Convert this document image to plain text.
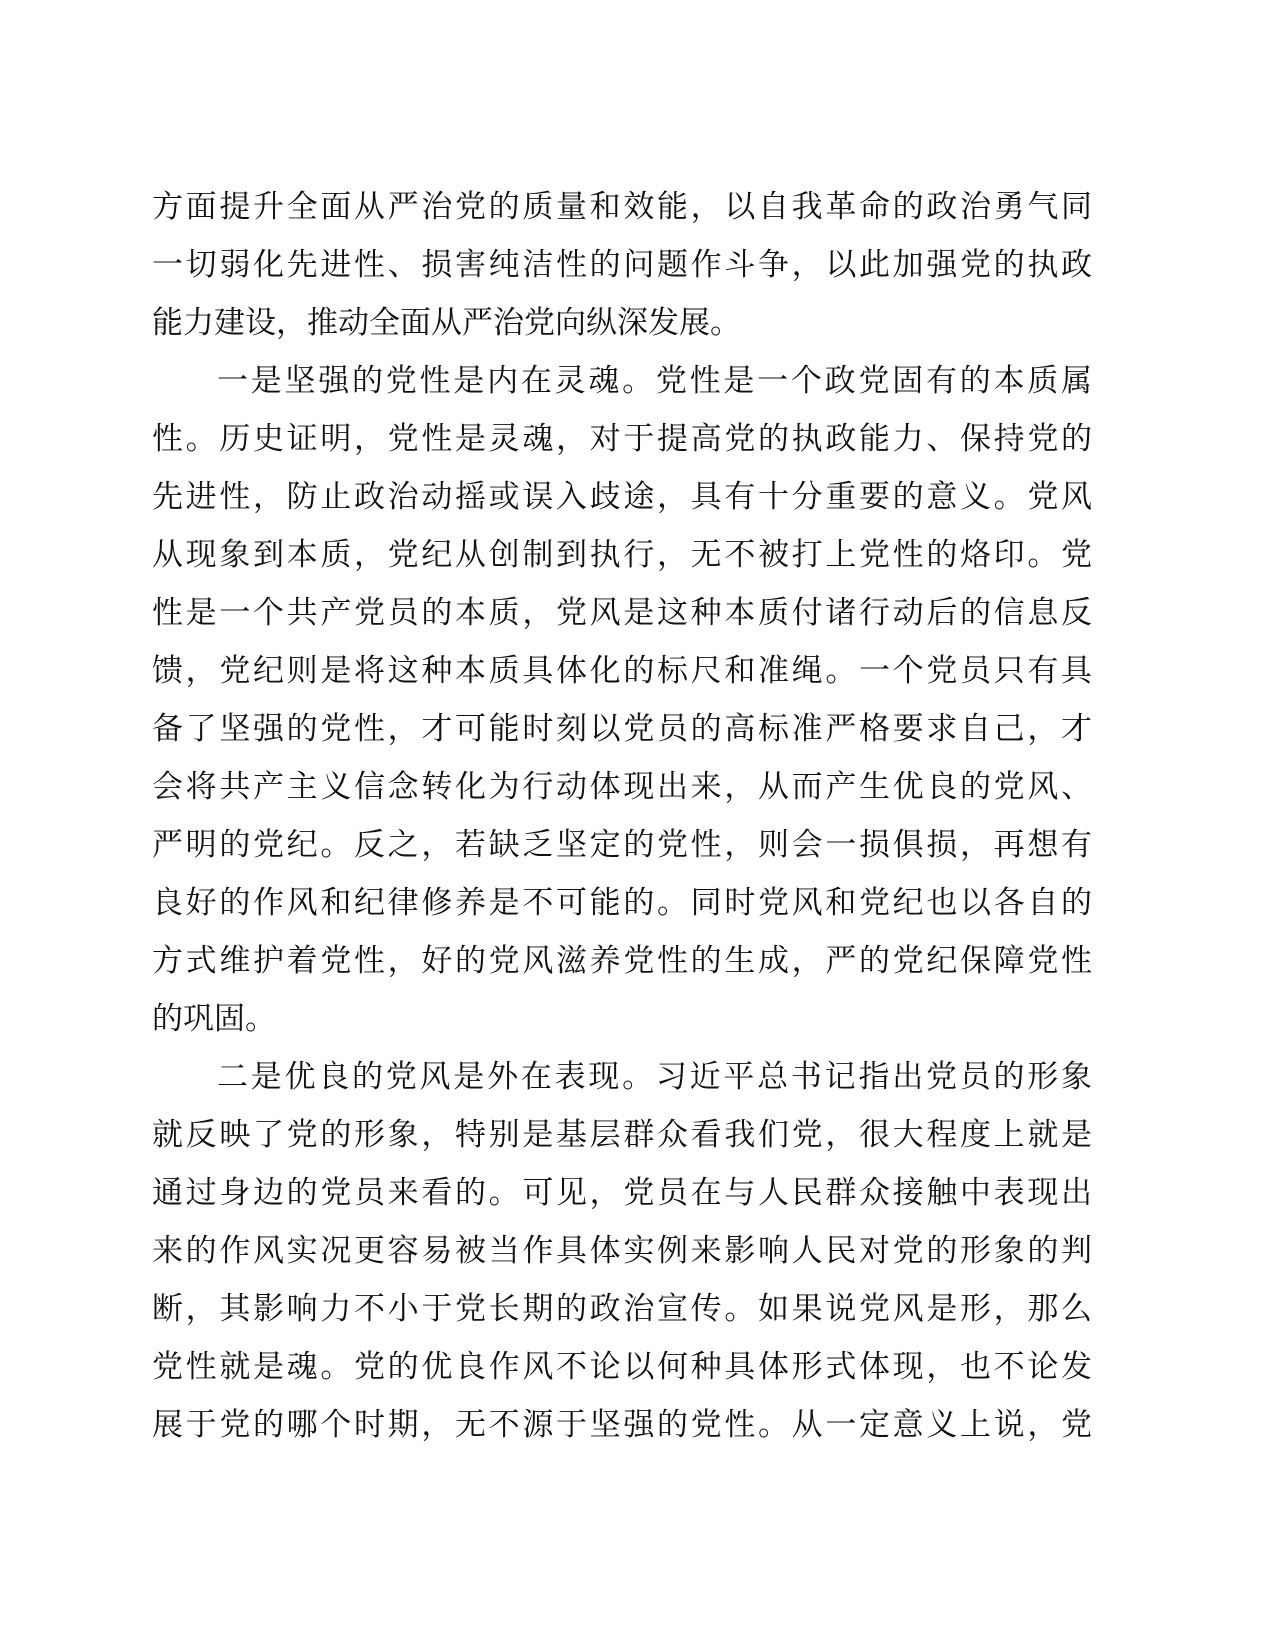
方面提升全面从严治党的质量和效能，以自我革命的政治勇气同
一切弱化先进性、损害纯洁性的问题作斗争，以此加强党的执政
能力建设，推动全面从严治党向纵深发展。
一是坚强的党性是内在灵魂。党性是一个政党固有的本质属
性。历史证明，党性是灵魂，对于提高党的执政能力、保持党的
先进性，防止政治动摇或误入歧途，具有十分重要的意义。党风
从现象到本质，党纪从创制到执行，无不被打上党性的烙印。党
性是一个共产党员的本质，党风是这种本质付诸行动后的信息反
馈，党纪则是将这种本质具体化的标尺和准绳。一个党员只有具
备了坚强的党性，才可能时刻以党员的高标准严格要求自己，才
会将共产主义信念转化为行动体现出来，从而产生优良的党风、
严明的党纪。反之，若缺乏坚定的党性，则会一损俱损，再想有
良好的作风和纪律修养是不可能的。同时党风和党纪也以各自的
方式维护着党性，好的党风滋养党性的生成，严的党纪保障党性
的巩固。
二是优良的党风是外在表现。习近平总书记指出党员的形象
就反映了党的形象，特别是基层群众看我们党，很大程度上就是
通过身边的党员来看的。可见，党员在与人民群众接触中表现出
来的作风实况更容易被当作具体实例来影响人民对党的形象的判
断，其影响力不小于党长期的政治宣传。如果说党风是形，那么
党性就是魂。党的优良作风不论以何种具体形式体现，也不论发
展于党的哪个时期，无不源于坚强的党性。从一定意义上说，党
